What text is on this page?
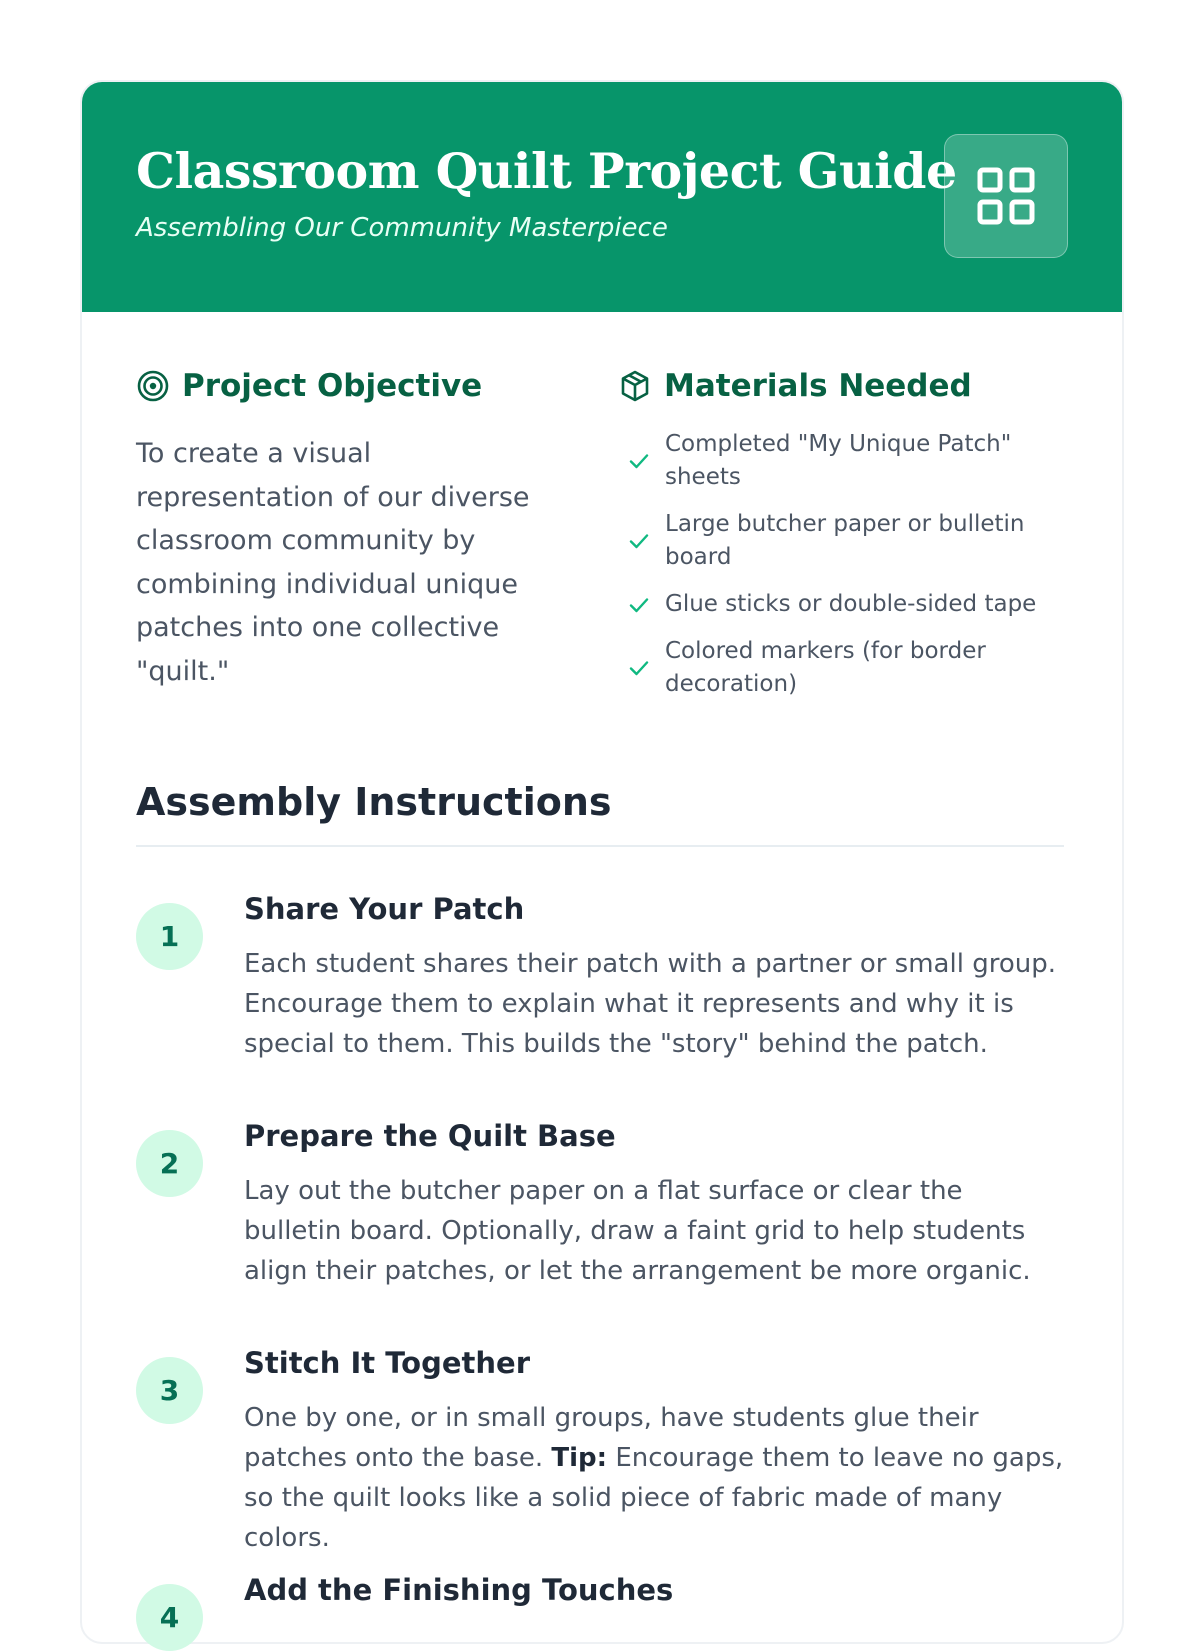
Classroom Quilt Project Guide
Assembling Our Community Masterpiece
Project Objective
To create a visual representation of our diverse classroom community by combining individual unique patches into one collective "quilt."
Materials Needed
Completed "My Unique Patch" sheets
Large butcher paper or bulletin board
Glue sticks or double-sided tape
Colored markers (for border decoration)
Assembly Instructions
1
Share Your Patch
Each student shares their patch with a partner or small group. Encourage them to explain what it represents and why it is special to them. This builds the "story" behind the patch.
2
Prepare the Quilt Base
Lay out the butcher paper on a flat surface or clear the bulletin board. Optionally, draw a faint grid to help students align their patches, or let the arrangement be more organic.
3
Stitch It Together
One by one, or in small groups, have students glue their patches onto the base. Tip: Encourage them to leave no gaps, so the quilt looks like a solid piece of fabric made of many colors.
4
Add the Finishing Touches
